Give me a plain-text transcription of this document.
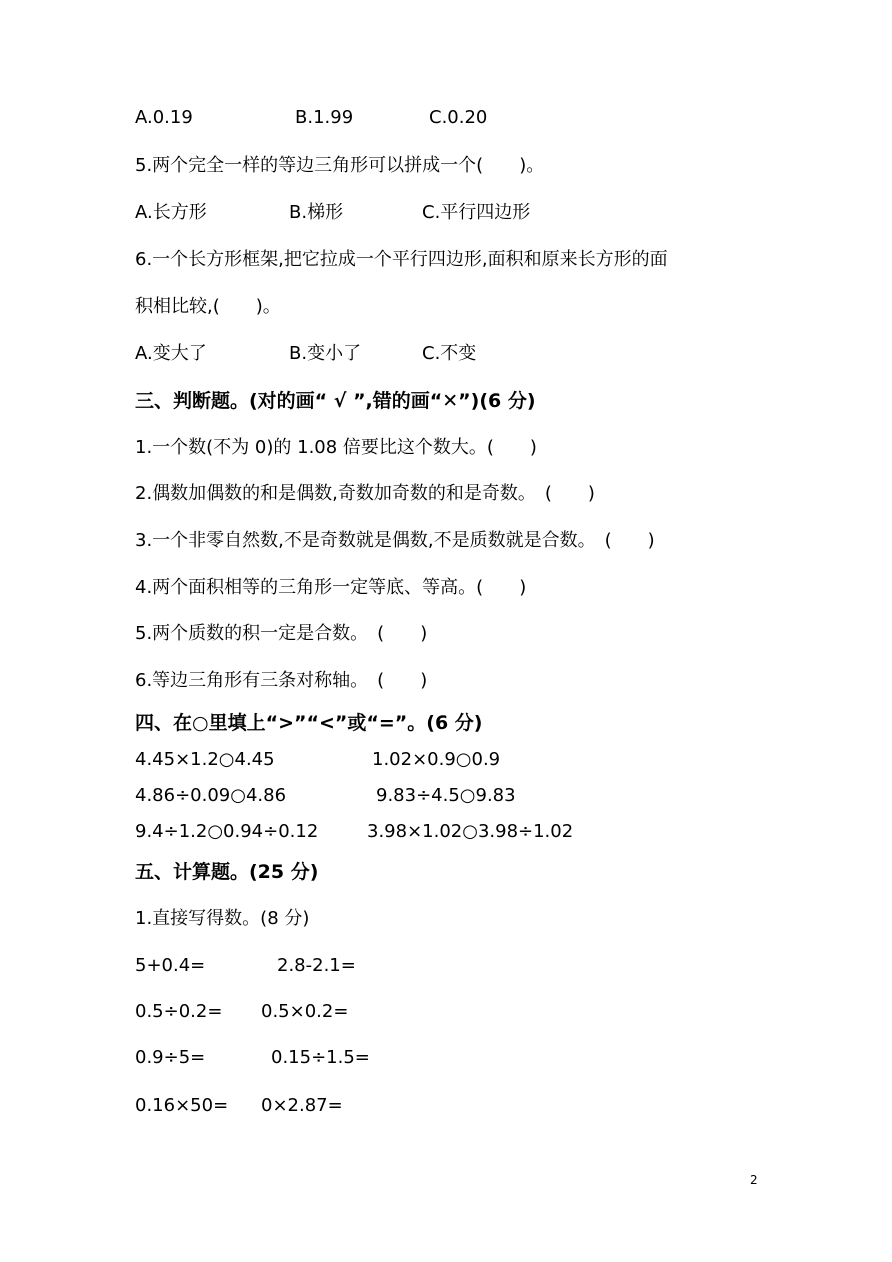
A.0.19	B.1.99	C.0.20
5.两个完全一样的等边三角形可以拼成一个(　　)。
A.长方形	B.梯形	C.平行四边形
6.一个长方形框架,把它拉成一个平行四边形,面积和原来长方形的面
积相比较,(　　)。
A.变大了	B.变小了	C.不变
三、判断题。(对的画“ √ ”,错的画“✕”)(6 分)
1.一个数(不为 0)的 1.08 倍要比这个数大。(　　)
2.偶数加偶数的和是偶数,奇数加奇数的和是奇数。　(　　)
3.一个非零自然数,不是奇数就是偶数,不是质数就是合数。　(　　)
4.两个面积相等的三角形一定等底、等高。(　　)
5.两个质数的积一定是合数。　(　　)
6.等边三角形有三条对称轴。　(　　)
四、在○里填上“>”“<”或“=”。(6 分)
4.45×1.2○4.45	1.02×0.9○0.9
4.86÷0.09○4.86	9.83÷4.5○9.83
9.4÷1.2○0.94÷0.12	3.98×1.02○3.98÷1.02
五、计算题。(25 分)
1.直接写得数。(8 分)
5+0.4=	2.8-2.1=
0.5÷0.2= 0.5×0.2=
0.9÷5=	0.15÷1.5=
0.16×50= 0×2.87=
2
